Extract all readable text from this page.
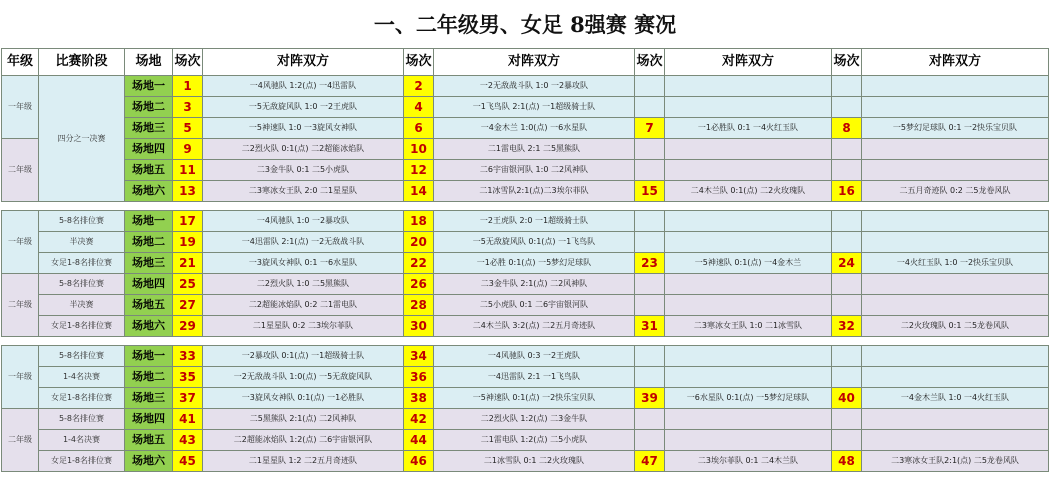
一、二年级男、女足 8强赛 赛况
年级	比赛阶段	场地	场次	对阵双方	场次	对阵双方	场次	对阵双方	场次	对阵双方
一年级	四分之一决赛	场地一	1	一4风驰队 1:2(点) 一4迅雷队	2	一2无敌战斗队 1:0 一2暴攻队				
		场地二	3	一5无敌旋风队 1:0 一2王虎队	4	一1飞鸟队 2:1(点) 一1超级骑士队				
		场地三	5	一5神速队 1:0 一3旋风女神队	6	一4金木兰 1:0(点) 一6水星队	7	一1必胜队 0:1 一4火红玉队	8	一5梦幻足球队 0:1 一2快乐宝贝队
二年级		场地四	9	二2烈火队 0:1(点) 二2超能冰焰队	10	二1雷电队 2:1 二5黑熊队				
		场地五	11	二3金牛队 0:1 二5小虎队	12	二6宇宙银河队 1:0 二2风神队				
		场地六	13	二3寒冰女王队 2:0 二1星星队	14	二1冰雪队2:1(点)二3埃尔菲队	15	二4木兰队 0:1(点) 二2火玫瑰队	16	二五月奇迹队 0:2 二5龙卷风队

一年级	5-8名排位赛	场地一	17	一4风驰队 1:0 一2暴攻队	18	一2王虎队 2:0 一1超级骑士队				
	半决赛	场地二	19	一4迅雷队 2:1(点) 一2无敌战斗队	20	一5无敌旋风队 0:1(点) 一1飞鸟队				
	女足1-8名排位赛	场地三	21	一3旋风女神队 0:1 一6水星队	22	一1必胜 0:1(点) 一5梦幻足球队	23	一5神速队 0:1(点) 一4金木兰	24	一4火红玉队 1:0 一2快乐宝贝队
二年级	5-8名排位赛	场地四	25	二2烈火队 1:0 二5黑熊队	26	二3金牛队 2:1(点) 二2风神队				
	半决赛	场地五	27	二2超能冰焰队 0:2 二1雷电队	28	二5小虎队 0:1 二6宇宙银河队				
	女足1-8名排位赛	场地六	29	二1星星队 0:2 二3埃尔菲队	30	二4木兰队 3:2(点) 二2五月奇迹队	31	二3寒冰女王队 1:0 二1冰雪队	32	二2火玫瑰队 0:1 二5龙卷风队

一年级	5-8名排位赛	场地一	33	一2暴攻队 0:1(点) 一1超级骑士队	34	一4风驰队 0:3 一2王虎队				
	1-4名决赛	场地二	35	一2无敌战斗队 1:0(点) 一5无敌旋风队	36	一4迅雷队 2:1 一1飞鸟队				
	女足1-8名排位赛	场地三	37	一3旋风女神队 0:1(点) 一1必胜队	38	一5神速队 0:1(点) 一2快乐宝贝队	39	一6水星队 0:1(点) 一5梦幻足球队	40	一4金木兰队 1:0 一4火红玉队
二年级	5-8名排位赛	场地四	41	二5黑熊队 2:1(点) 二2风神队	42	二2烈火队 1:2(点) 二3金牛队				
	1-4名决赛	场地五	43	二2超能冰焰队 1:2(点) 二6宇宙银河队	44	二1雷电队 1:2(点) 二5小虎队				
	女足1-8名排位赛	场地六	45	二1星星队 1:2 二2五月奇迹队	46	二1冰雪队 0:1 二2火玫瑰队	47	二3埃尔菲队 0:1 二4木兰队	48	二3寒冰女王队2:1(点) 二5龙卷风队
